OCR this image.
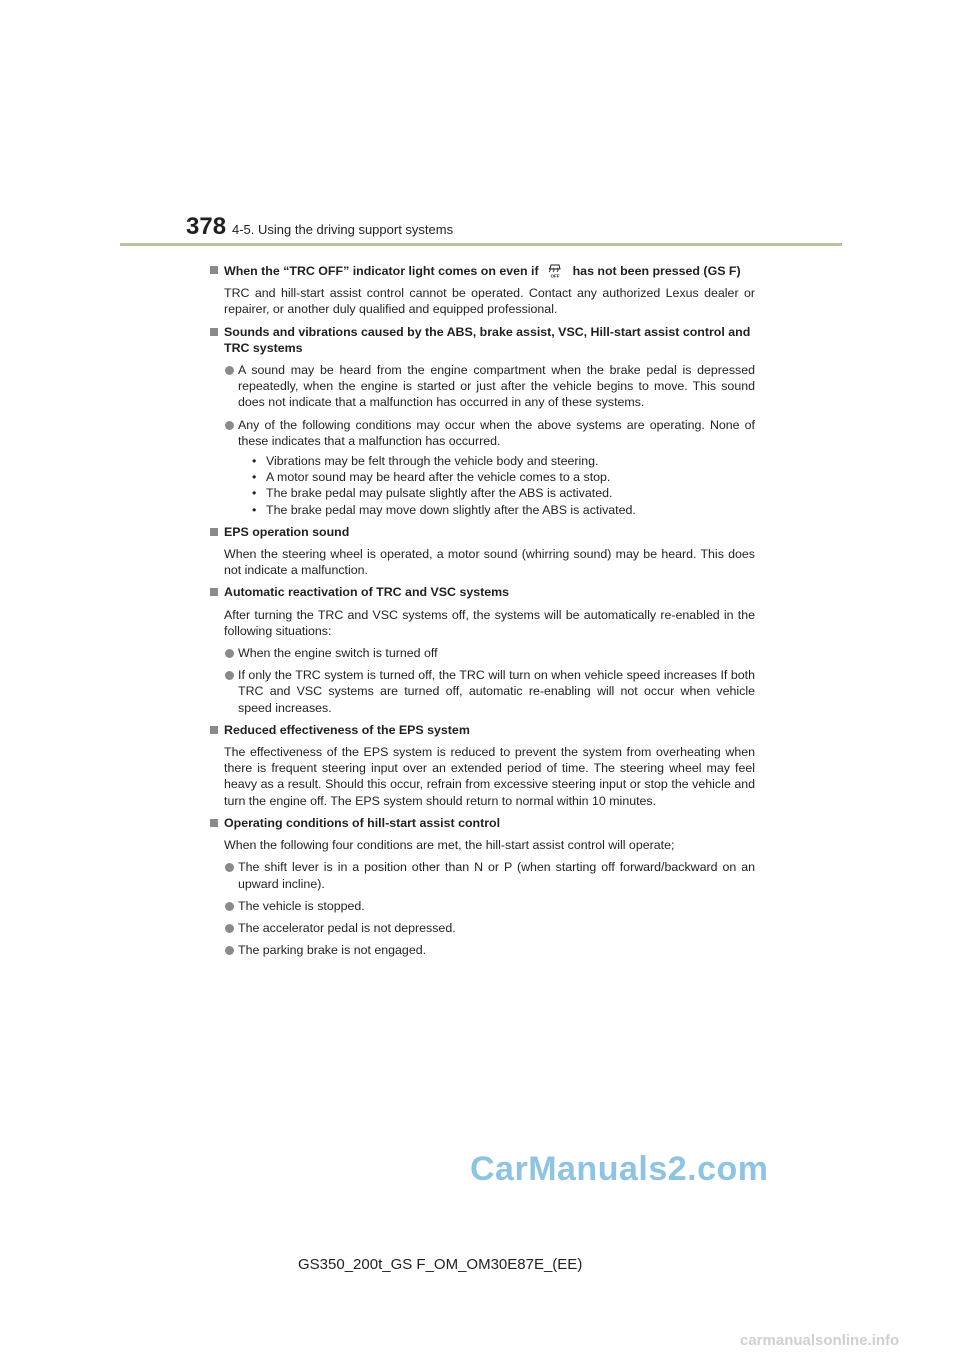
378 4-5. Using the driving support systems
When the “TRC OFF” indicator light comes on even if	OFF has not been pressed (GS F)
TRC and hill-start assist control cannot be operated. Contact any authorized Lexus dealer or repairer, or another duly qualified and equipped professional.
Sounds and vibrations caused by the ABS, brake assist, VSC, Hill-start assist control and TRC systems
A sound may be heard from the engine compartment when the brake pedal is depressed repeatedly, when the engine is started or just after the vehicle begins to move. This sound does not indicate that a malfunction has occurred in any of these systems.
Any of the following conditions may occur when the above systems are operating. None of these indicates that a malfunction has occurred.
• Vibrations may be felt through the vehicle body and steering.
• A motor sound may be heard after the vehicle comes to a stop.
• The brake pedal may pulsate slightly after the ABS is activated.
• The brake pedal may move down slightly after the ABS is activated.
EPS operation sound
When the steering wheel is operated, a motor sound (whirring sound) may be heard. This does not indicate a malfunction.
Automatic reactivation of TRC and VSC systems
After turning the TRC and VSC systems off, the systems will be automatically re-enabled in the following situations:
When the engine switch is turned off
If only the TRC system is turned off, the TRC will turn on when vehicle speed increases If both TRC and VSC systems are turned off, automatic re-enabling will not occur when vehicle speed increases.
Reduced effectiveness of the EPS system
The effectiveness of the EPS system is reduced to prevent the system from overheating when there is frequent steering input over an extended period of time. The steering wheel may feel heavy as a result. Should this occur, refrain from excessive steering input or stop the vehicle and turn the engine off. The EPS system should return to normal within 10 minutes.
Operating conditions of hill-start assist control
When the following four conditions are met, the hill-start assist control will operate;
The shift lever is in a position other than N or P (when starting off forward/backward on an upward incline).
The vehicle is stopped.
The accelerator pedal is not depressed.
The parking brake is not engaged.
CarManuals2.com
GS350_200t_GS F_OM_OM30E87E_(EE)
carmanualsonline.info
